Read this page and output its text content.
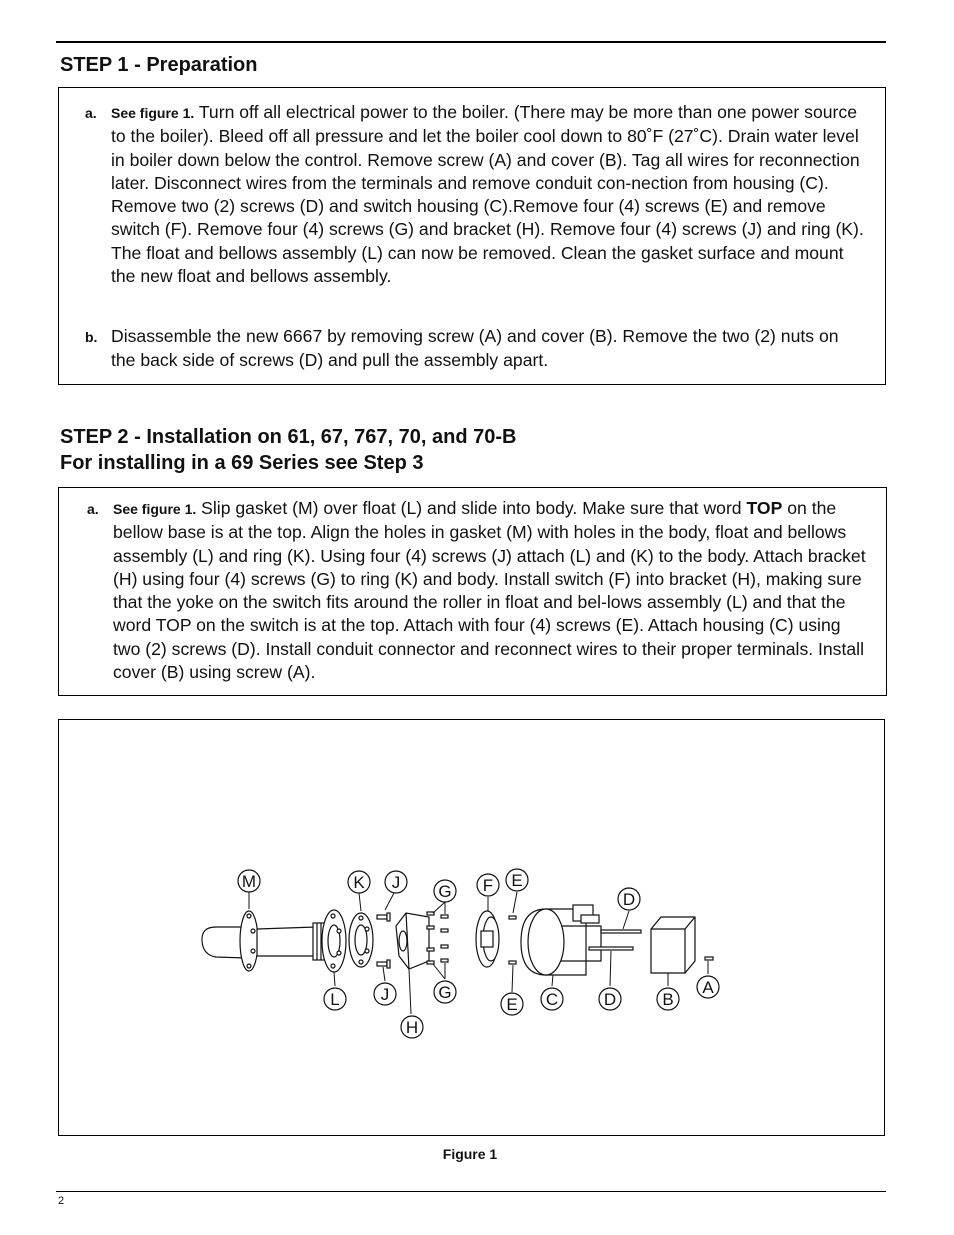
STEP 1 - Preparation
a. See figure 1. Turn off all electrical power to the boiler. (There may be more than one power source to the boiler). Bleed off all pressure and let the boiler cool down to 80˚F (27˚C). Drain water level in boiler down below the control. Remove screw (A) and cover (B). Tag all wires for reconnection later. Disconnect wires from the terminals and remove conduit con-nection from housing (C). Remove two (2) screws (D) and switch housing (C).Remove four (4) screws (E) and remove switch (F). Remove four (4) screws (G) and bracket (H). Remove four (4) screws (J) and ring (K). The float and bellows assembly (L) can now be removed. Clean the gasket surface and mount the new float and bellows assembly.
b. Disassemble the new 6667 by removing screw (A) and cover (B). Remove the two (2) nuts on the back side of screws (D) and pull the assembly apart.
STEP 2 - Installation on 61, 67, 767, 70, and 70-B
For installing in a 69 Series see Step 3
a. See figure 1. Slip gasket (M) over float (L) and slide into body. Make sure that word TOP on the bellow base is at the top. Align the holes in gasket (M) with holes in the body, float and bellows assembly (L) and ring (K). Using four (4) screws (J) attach (L) and (K) to the body. Attach bracket (H) using four (4) screws (G) to ring (K) and body. Install switch (F) into bracket (H), making sure that the yoke on the switch fits around the roller in float and bel-lows assembly (L) and that the word TOP on the switch is at the top. Attach with four (4) screws (E). Attach housing (C) using two (2) screws (D). Install conduit connector and reconnect wires to their proper terminals. Install cover (B) using screw (A).
M	K J G F E
D
L J	G
H
E C	D	B
A
Figure 1
2
